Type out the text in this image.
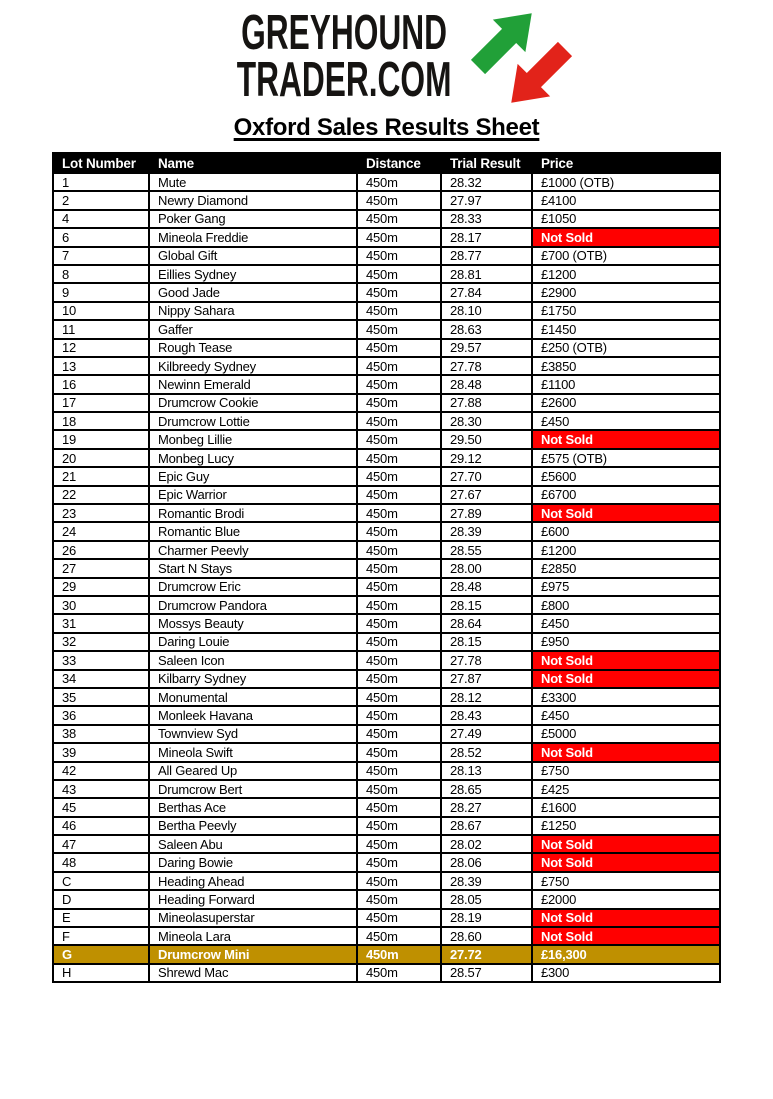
GREYHOUND
TRADER.COM
Oxford Sales Results Sheet
Lot Number	Name	Distance	Trial Result	Price
1	Mute	450m	28.32	£1000 (OTB)
2	Newry Diamond	450m	27.97	£4100
4	Poker Gang	450m	28.33	£1050
6	Mineola Freddie	450m	28.17	Not Sold
7	Global Gift	450m	28.77	£700 (OTB)
8	Eillies Sydney	450m	28.81	£1200
9	Good Jade	450m	27.84	£2900
10	Nippy Sahara	450m	28.10	£1750
11	Gaffer	450m	28.63	£1450
12	Rough Tease	450m	29.57	£250 (OTB)
13	Kilbreedy Sydney	450m	27.78	£3850
16	Newinn Emerald	450m	28.48	£1100
17	Drumcrow Cookie	450m	27.88	£2600
18	Drumcrow Lottie	450m	28.30	£450
19	Monbeg Lillie	450m	29.50	Not Sold
20	Monbeg Lucy	450m	29.12	£575 (OTB)
21	Epic Guy	450m	27.70	£5600
22	Epic Warrior	450m	27.67	£6700
23	Romantic Brodi	450m	27.89	Not Sold
24	Romantic Blue	450m	28.39	£600
26	Charmer Peevly	450m	28.55	£1200
27	Start N Stays	450m	28.00	£2850
29	Drumcrow Eric	450m	28.48	£975
30	Drumcrow Pandora	450m	28.15	£800
31	Mossys Beauty	450m	28.64	£450
32	Daring Louie	450m	28.15	£950
33	Saleen Icon	450m	27.78	Not Sold
34	Kilbarry Sydney	450m	27.87	Not Sold
35	Monumental	450m	28.12	£3300
36	Monleek Havana	450m	28.43	£450
38	Townview Syd	450m	27.49	£5000
39	Mineola Swift	450m	28.52	Not Sold
42	All Geared Up	450m	28.13	£750
43	Drumcrow Bert	450m	28.65	£425
45	Berthas Ace	450m	28.27	£1600
46	Bertha Peevly	450m	28.67	£1250
47	Saleen Abu	450m	28.02	Not Sold
48	Daring Bowie	450m	28.06	Not Sold
C	Heading Ahead	450m	28.39	£750
D	Heading Forward	450m	28.05	£2000
E	Mineolasuperstar	450m	28.19	Not Sold
F	Mineola Lara	450m	28.60	Not Sold
G	Drumcrow Mini	450m	27.72	£16,300
H	Shrewd Mac	450m	28.57	£300
